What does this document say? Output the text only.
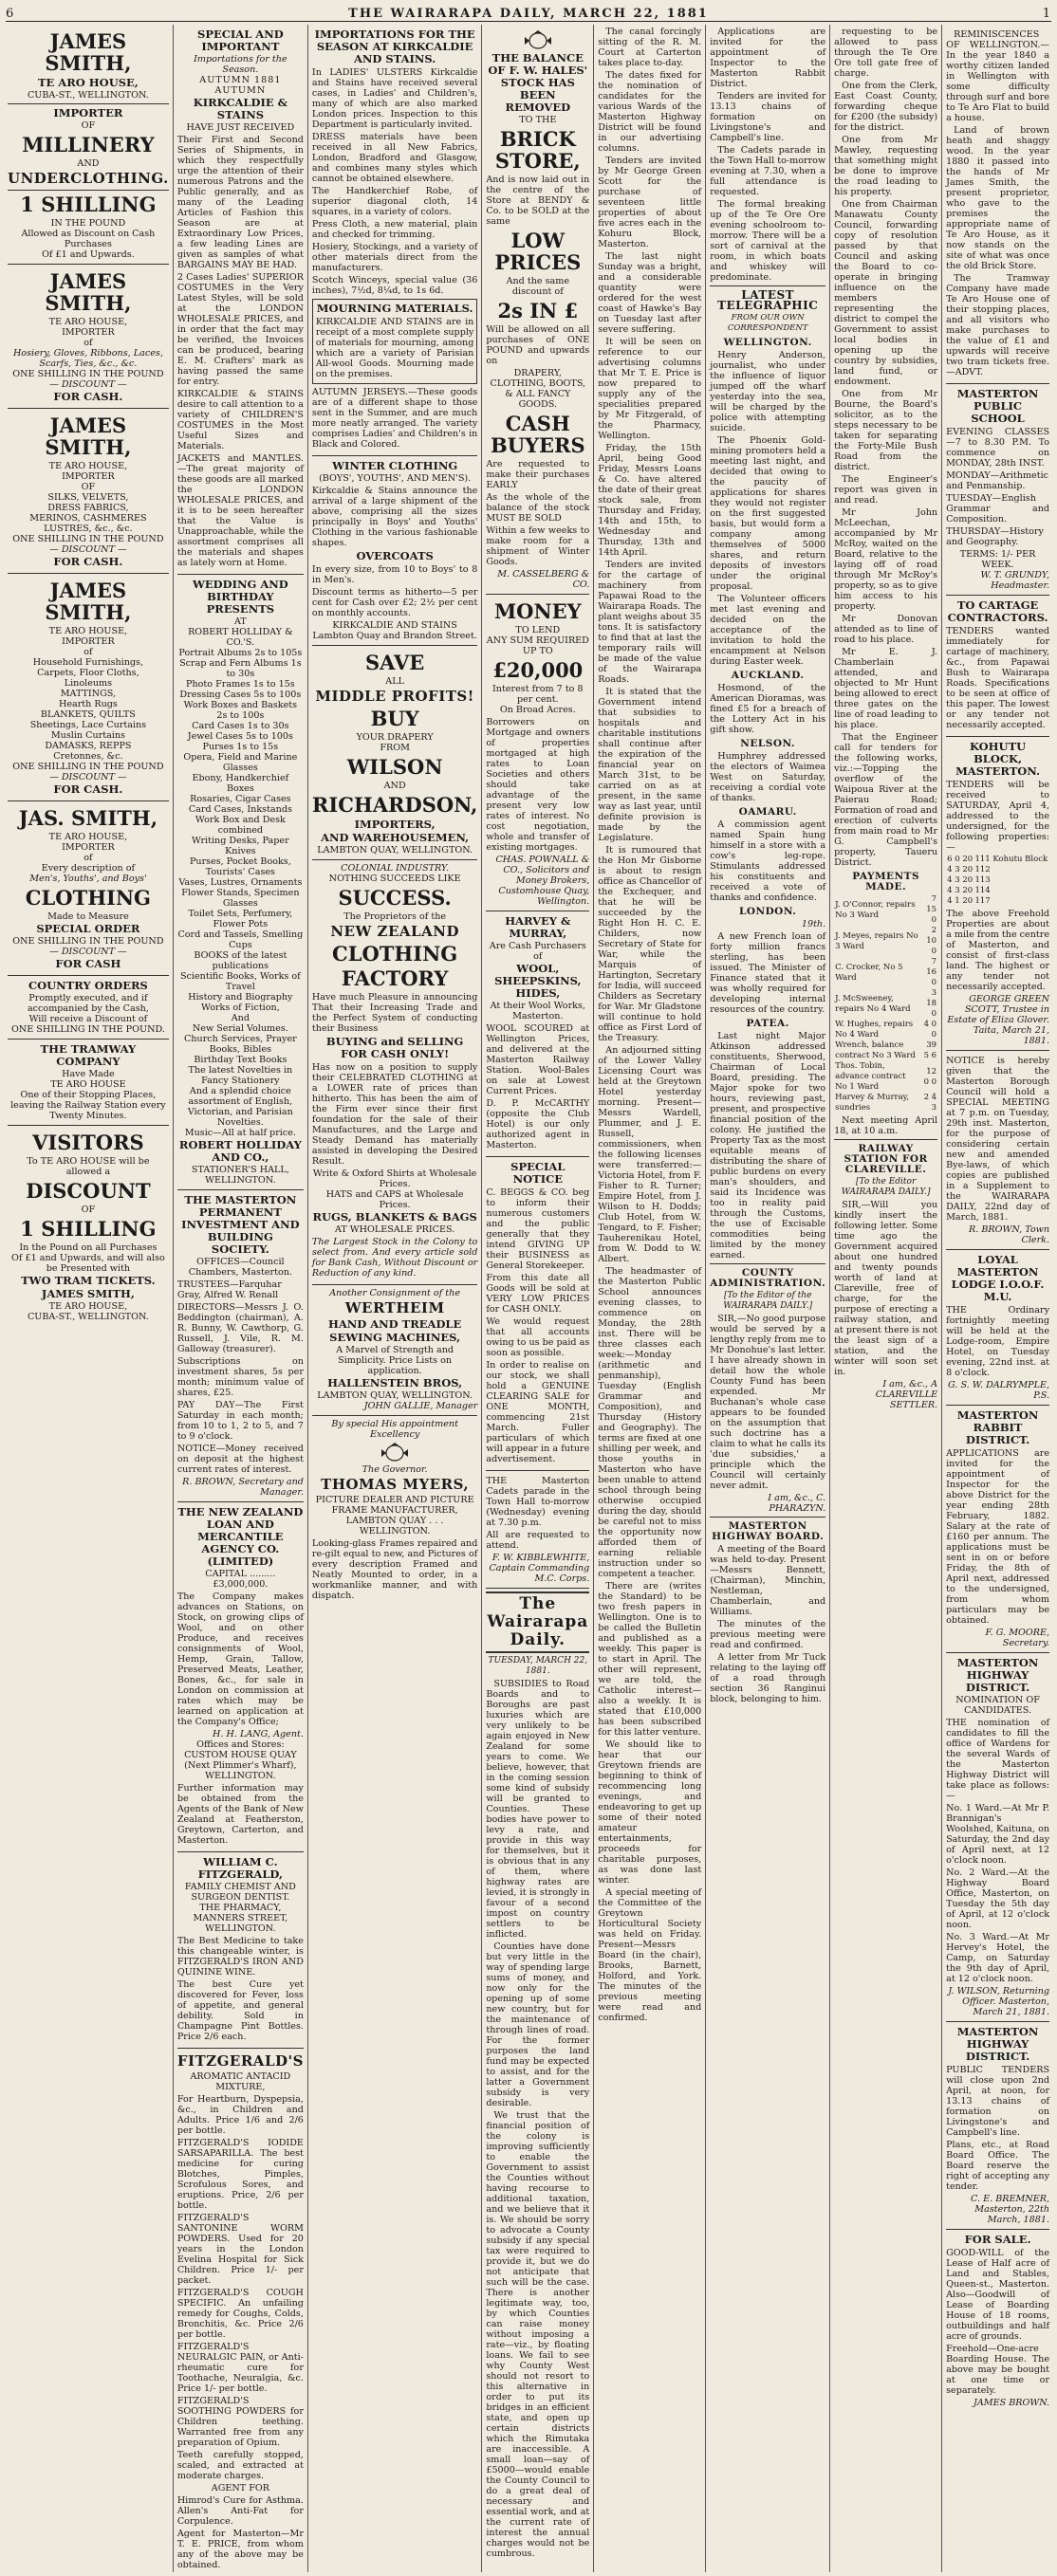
6	THE WAIRARAPA DAILY, MARCH 22, 1881	1
JAMES SMITH,
TE ARO HOUSE,
CUBA-ST., WELLINGTON.
IMPORTER
OF
MILLINERY
AND
UNDERCLOTHING.
1 SHILLING
IN THE POUND
Allowed as Discount on Cash Purchases
Of £1 and Upwards.
JAMES SMITH,
TE ARO HOUSE,
IMPORTER
of
Hosiery, Gloves, Ribbons, Laces, Scarfs, Ties, &c., &c.
ONE SHILLING IN THE POUND
— DISCOUNT —
FOR CASH.
JAMES SMITH,
TE ARO HOUSE,
IMPORTER
OF
SILKS, VELVETS,
DRESS FABRICS,
MERINOS, CASHMERES
LUSTRES, &c., &c.
ONE SHILLING IN THE POUND
— DISCOUNT —
FOR CASH.
JAMES SMITH,
TE ARO HOUSE,
IMPORTER
of
Household Furnishings,
Carpets, Floor Cloths,
Linoleums
MATTINGS,
Hearth Rugs
BLANKETS, QUILTS
Sheetings, Lace Curtains
Muslin Curtains
DAMASKS, REPPS
Cretonnes, &c.
ONE SHILLING IN THE POUND
— DISCOUNT —
FOR CASH.
JAS. SMITH,
TE ARO HOUSE,
IMPORTER
of
Every description of
Men's, Youths', and Boys'
CLOTHING
Made to Measure
SPECIAL ORDER
ONE SHILLING IN THE POUND
— DISCOUNT —
FOR CASH
COUNTRY ORDERS
Promptly executed, and if accompanied by the Cash,
Will receive a Discount of
ONE SHILLING IN THE POUND.
THE TRAMWAY COMPANY
Have Made
TE ARO HOUSE
One of their Stopping Places, leaving the Railway Station every
Twenty Minutes.
VISITORS
To TE ARO HOUSE will be allowed a
DISCOUNT
OF
1 SHILLING
In the Pound on all Purchases
Of £1 and Upwards, and will also be Presented with
TWO TRAM TICKETS.
JAMES SMITH,
TE ARO HOUSE,
CUBA-ST., WELLINGTON.
SPECIAL AND IMPORTANT
Importations for the Season.
AUTUMN 1881 AUTUMN
KIRKCALDIE & STAINS
HAVE JUST RECEIVED

Their First and Second Series of Shipments, in which they respectfully urge the attention of their numerous Patrons and the Public generally, and as many of the Leading Articles of Fashion this Season are at Extraordinary Low Prices, a few leading Lines are given as samples of what BARGAINS MAY BE HAD.

2 Cases Ladies' SUPERIOR COSTUMES in the Very Latest Styles, will be sold at the LONDON WHOLESALE PRICES, and in order that the fact may be verified, the Invoices can be produced, bearing E. M. Crafters' mark as having passed the same for entry.

KIRKCALDIE & STAINS desire to call attention to a variety of CHILDREN'S COSTUMES in the Most Useful Sizes and Materials.

JACKETS and MANTLES.—The great majority of these goods are all marked the LONDON WHOLESALE PRICES, and it is to be seen hereafter that the Value is Unapproachable, while the assortment comprises all the materials and shapes as lately worn at Home.

WEDDING AND BIRTHDAY PRESENTS
AT
ROBERT HOLLIDAY & CO.'S.
Portrait Albums 2s to 105s
Scrap and Fern Albums 1s to 30s
Photo Frames 1s to 15s
Dressing Cases 5s to 100s
Work Boxes and Baskets 2s to 100s
Card Cases 1s to 30s
Jewel Cases 5s to 100s
Purses 1s to 15s
Opera, Field and Marine Glasses
Ebony, Handkerchief Boxes
Rosaries, Cigar Cases
Card Cases, Inkstands
Work Box and Desk combined
Writing Desks, Paper Knives
Purses, Pocket Books, Tourists' Cases
Vases, Lustres, Ornaments
Flower Stands, Specimen Glasses
Toilet Sets, Perfumery, Flower Pots
Cord and Tassels, Smelling Cups
BOOKS of the latest publications
Scientific Books, Works of Travel
History and Biography
Works of Fiction,
And
New Serial Volumes.
Church Services, Prayer Books, Bibles
Birthday Text Books
The latest Novelties in Fancy Stationery
And a splendid choice assortment of English, Victorian, and Parisian Novelties.
Music—All at half price.
ROBERT HOLLIDAY AND CO.,
STATIONER'S HALL, WELLINGTON.
THE MASTERTON PERMANENT INVESTMENT AND BUILDING SOCIETY.
OFFICES—Council Chambers, Masterton.

TRUSTEES—Farquhar Gray, Alfred W. Renall

DIRECTORS—Messrs J. O. Beddington (chairman), A. R. Bunny, W. Cawthorp, G. Russell, J. Vile, R. M. Galloway (treasurer).

Subscriptions on investment shares, 5s per month; minimum value of shares, £25.

PAY DAY—The First Saturday in each month; from 10 to 1, 2 to 5, and 7 to 9 o'clock.

NOTICE—Money received on deposit at the highest current rates of interest.

R. BROWN, Secretary and Manager.
THE NEW ZEALAND LOAN AND MERCANTILE AGENCY CO. (LIMITED)
CAPITAL ......... £3,000,000.

The Company makes advances on Stations, on Stock, on growing clips of Wool, and on other Produce, and receives consignments of Wool, Hemp, Grain, Tallow, Preserved Meats, Leather, Bones, &c., for sale in London on commission at rates which may be learned on application at the Company's Office;

H. H. LANG, Agent.
Offices and Stores:
CUSTOM HOUSE QUAY (Next Plimmer's Wharf), WELLINGTON.

Further information may be obtained from the Agents of the Bank of New Zealand at Featherston, Greytown, Carterton, and Masterton.

WILLIAM C. FITZGERALD,
FAMILY CHEMIST AND SURGEON DENTIST.
THE PHARMACY,
MANNERS STREET, WELLINGTON.

The Best Medicine to take this changeable winter, is FITZGERALD'S IRON AND QUININE WINE.

The best Cure yet discovered for Fever, loss of appetite, and general debility. Sold in Champagne Pint Bottles. Price 2/6 each.

FITZGERALD'S
AROMATIC ANTACID MIXTURE,

For Heartburn, Dyspepsia, &c., in Children and Adults. Price 1/6 and 2/6 per bottle.

FITZGERALD'S IODIDE SARSAPARILLA. The best medicine for curing Blotches, Pimples, Scrofulous Sores, and eruptions. Price, 2/6 per bottle.

FITZGERALD'S SANTONINE WORM POWDERS. Used for 20 years in the London Evelina Hospital for Sick Children. Price 1/- per packet.

FITZGERALD'S COUGH SPECIFIC. An unfailing remedy for Coughs, Colds, Bronchitis, &c. Price 2/6 per bottle.

FITZGERALD'S NEURALGIC PAIN, or Anti-rheumatic cure for Toothache, Neuralgia, &c. Price 1/- per bottle.

FITZGERALD'S SOOTHING POWDERS for Children teething. Warranted free from any preparation of Opium.

Teeth carefully stopped, scaled, and extracted at moderate charges.

AGENT FOR

Himrod's Cure for Asthma. Allen's Anti-Fat for Corpulence.

Agent for Masterton—Mr T. E. PRICE, from whom any of the above may be obtained.

IMPORTATIONS FOR THE SEASON AT KIRKCALDIE AND STAINS.

In LADIES' ULSTERS Kirkcaldie and Stains have received several cases, in Ladies' and Children's, many of which are also marked London prices. Inspection to this Department is particularly invited.

DRESS materials have been received in all New Fabrics, London, Bradford and Glasgow, and combines many styles which cannot be obtained elsewhere.

The Handkerchief Robe, of superior diagonal cloth, 14 squares, in a variety of colors.

Press Cloth, a new material, plain and checked for trimming.

Hosiery, Stockings, and a variety of other materials direct from the manufacturers.

Scotch Winceys, special value (36 inches), 7½d, 8¼d, to 1s 6d.

MOURNING MATERIALS.

KIRKCALDIE AND STAINS are in receipt of a most complete supply of materials for mourning, among which are a variety of Parisian All-wool Goods. Mourning made on the premises.

AUTUMN JERSEYS.—These goods are of a different shape to those sent in the Summer, and are much more neatly arranged. The variety comprises Ladies' and Children's in Black and Colored.

WINTER CLOTHING
(BOYS', YOUTHS', AND MEN'S).

Kirkcaldie & Stains announce the arrival of a large shipment of the above, comprising all the sizes principally in Boys' and Youths' Clothing in the various fashionable shapes.

OVERCOATS

In every size, from 10 to Boys' to 8 in Men's.

Discount terms as hitherto—5 per cent for Cash over £2; 2½ per cent on monthly accounts.

KIRKCALDIE AND STAINS
Lambton Quay and Brandon Street.
SAVE
ALL
MIDDLE PROFITS!
BUY
YOUR DRAPERY
FROM
WILSON
AND
RICHARDSON,
IMPORTERS,
AND WAREHOUSEMEN,
LAMBTON QUAY, WELLINGTON.
COLONIAL INDUSTRY.
NOTHING SUCCEEDS LIKE
SUCCESS.
The Proprietors of the
NEW ZEALAND
CLOTHING
FACTORY

Have much Pleasure in announcing That their Increasing Trade and the Perfect System of conducting their Business

BUYING and SELLING FOR CASH ONLY!

Has now on a position to supply their CELEBRATED CLOTHING at a LOWER rate of prices than hitherto. This has been the aim of the Firm ever since their first foundation for the sale of their Manufactures, and the Large and Steady Demand has materially assisted in developing the Desired Result.

Write & Oxford Shirts at Wholesale Prices.
HATS and CAPS at Wholesale Prices.
RUGS, BLANKETS & BAGS
AT WHOLESALE PRICES.

The Largest Stock in the Colony to select from. And every article sold for Bank Cash, Without Discount or Reduction of any kind.

Another Consignment of the
WERTHEIM
HAND AND TREADLE
SEWING MACHINES,
A Marvel of Strength and Simplicity. Price Lists on application.
HALLENSTEIN BROS,
LAMBTON QUAY, WELLINGTON.
JOHN GALLIE, Manager
By special His appointment Excellency
The Governor.
THOMAS MYERS,
PICTURE DEALER AND PICTURE FRAME MANUFACTURER,
LAMBTON QUAY . . . WELLINGTON.

Looking-glass Frames repaired and re-gilt equal to new, and Pictures of every description Framed and Neatly Mounted to order, in a workmanlike manner, and with dispatch.

THE BALANCE OF F. W. HALES' STOCK HAS BEEN REMOVED
TO THE
BRICK STORE,

And is now laid out in the centre of the Store at BENDY & Co. to be SOLD at the same

LOW PRICES
And the same discount of
2s IN £

Will be allowed on all purchases of ONE POUND and upwards on

DRAPERY, CLOTHING, BOOTS, & ALL FANCY GOODS.
CASH BUYERS

Are requested to make their purchases EARLY

As the whole of the balance of the stock MUST BE SOLD

Within a few weeks to make room for a shipment of Winter Goods.

M. CASSELBERG & CO.
MONEY
TO LEND
ANY SUM REQUIRED UP TO
£20,000
Interest from 7 to 8 per cent.
On Broad Acres.

Borrowers on Mortgage and owners of properties mortgaged at high rates to Loan Societies and others should take advantage of the present very low rates of interest. No cost negotiation, whole and transfer of existing mortgages.

CHAS. POWNALL & CO., Solicitors and Money Brokers, Customhouse Quay, Wellington.
HARVEY & MURRAY,
Are Cash Purchasers of
WOOL, SHEEPSKINS, HIDES,
At their Wool Works, Masterton.

WOOL SCOURED at Wellington Prices, and delivered at the Masterton Railway Station. Wool-Bales on sale at Lowest Current Prices.

D. P. McCARTHY (opposite the Club Hotel) is our only authorized agent in Masterton.

SPECIAL NOTICE

C. BEGGS & CO. beg to inform their numerous customers and the public generally that they intend GIVING UP their BUSINESS as General Storekeeper.

From this date all Goods will be sold at VERY LOW PRICES for CASH ONLY.

We would request that all accounts owing to us be paid as soon as possible.

In order to realise on our stock, we shall hold a GENUINE CLEARING SALE for ONE MONTH, commencing 21st March. Fuller particulars of which will appear in a future advertisement.

THE Masterton Cadets parade in the Town Hall to-morrow (Wednesday) evening at 7.30 p.m.

All are requested to attend.

F. W. KIBBLEWHITE, Captain Commanding M.C. Corps.
The Wairarapa Daily.
TUESDAY, MARCH 22, 1881.

SUBSIDIES to Road Boards and to Boroughs are past luxuries which are very unlikely to be again enjoyed in New Zealand for some years to come. We believe, however, that in the coming session some kind of subsidy will be granted to Counties. These bodies have power to levy a rate, and provide in this way for themselves, but it is obvious that in any of them, where highway rates are levied, it is strongly in favour of a second impost on country settlers to be inflicted.

Counties have done but very little in the way of spending large sums of money, and now only for the opening up of some new country, but for the maintenance of through lines of road. For the former purposes the land fund may be expected to assist, and for the latter a Government subsidy is very desirable.

We trust that the financial position of the colony is improving sufficiently to enable the Government to assist the Counties without having recourse to additional taxation, and we believe that it is. We should be sorry to advocate a County subsidy if any special tax were required to provide it, but we do not anticipate that such will be the case. There is another legitimate way, too, by which Counties can raise money without imposing a rate—viz., by floating loans. We fail to see why County West should not resort to this alternative in order to put its bridges in an efficient state, and open up certain districts which the Rimutaka are inaccessible. A small loan—say of £5000—would enable the County Council to do a great deal of necessary and essential work, and at the current rate of interest the annual charges would not be cumbrous.

The canal forcingly sitting of the R. M. Court at Carterton takes place to-day.

The dates fixed for the nomination of candidates for the various Wards of the Masterton Highway District will be found in our advertising columns.

Tenders are invited by Mr George Green Scott for the purchase of seventeen little properties of about five acres each in the Kohuru Block, Masterton.

The last night Sunday was a bright, and a considerable quantity were ordered for the west coast of Hawke's Bay on Tuesday last after severe suffering.

It will be seen on reference to our advertising columns that Mr T. E. Price is now prepared to supply any of the specialities prepared by Mr Fitzgerald, of the Pharmacy, Wellington.

Friday, the 15th April, being Good Friday, Messrs Loans & Co. have altered the date of their great stock sale, from Thursday and Friday, 14th and 15th, to Wednesday and Thursday, 13th and 14th April.

Tenders are invited for the cartage of machinery from Papawai Road to the Wairarapa Roads. The plant weighs about 35 tons. It is satisfactory to find that at last the temporary rails will be made of the value of the Wairarapa Roads.

It is stated that the Government intend that subsidies to hospitals and charitable institutions shall continue after the expiration of the financial year on March 31st, to be carried on as at present, in the same way as last year, until definite provision is made by the Legislature.

It is rumoured that the Hon Mr Gisborne is about to resign office as Chancellor of the Exchequer, and that he will be succeeded by the Right Hon H. C. E. Childers, now Secretary of State for War, while the Marquis of Hartington, Secretary for India, will succeed Childers as Secretary for War. Mr Gladstone will continue to hold office as First Lord of the Treasury.

An adjourned sitting of the Lower Valley Licensing Court was held at the Greytown Hotel yesterday morning. Present—Messrs Wardell, Plummer, and J. E. Russell, commissioners, when the following licenses were transferred:—Victoria Hotel, from F. Fisher to R. Turner; Empire Hotel, from J. Wilson to H. Dodds; Club Hotel, from W. Tengard, to F. Fisher; Tauherenikau Hotel, from W. Dodd to W. Albert.

The headmaster of the Masterton Public School announces evening classes, to commence on Monday, the 28th inst. There will be three classes each week:—Monday (arithmetic and penmanship), Tuesday (English Grammar and Composition), and Thursday (History and Geography). The terms are fixed at one shilling per week, and those youths in Masterton who have been unable to attend school through being otherwise occupied during the day, should be careful not to miss the opportunity now afforded them of earning reliable instruction under so competent a teacher.

There are (writes the Standard) to be two fresh papers in Wellington. One is to be called the Bulletin and published as a weekly. This paper is to start in April. The other will represent, we are told, the Catholic interest—also a weekly. It is stated that £10,000 has been subscribed for this latter venture.

We should like to hear that our Greytown friends are beginning to think of recommencing long evenings, and endeavoring to get up some of their noted amateur entertainments, proceeds for charitable purposes, as was done last winter.

A special meeting of the Committee of the Greytown Horticultural Society was held on Friday. Present—Messrs Board (in the chair), Brooks, Barnett, Holford, and York. The minutes of the previous meeting were read and confirmed.

Applications are invited for the appointment of Inspector to the Masterton Rabbit District.

Tenders are invited for 13.13 chains of formation on Livingstone's and Campbell's line.

The Cadets parade in the Town Hall to-morrow evening at 7.30, when a full attendance is requested.

The formal breaking up of the Te Ore Ore evening schoolroom to-morrow. There will be a sort of carnival at the room, in which boats and whiskey will predominate.

LATEST TELEGRAPHIC
FROM OUR OWN CORRESPONDENT
WELLINGTON.

Henry Anderson, journalist, who under the influence of liquor jumped off the wharf yesterday into the sea, will be charged by the police with attempting suicide.

The Phoenix Gold-mining promoters held a meeting last night, and decided that owing to the paucity of applications for shares they would not register on the first suggested basis, but would form a company among themselves of 5000 shares, and return deposits of investors under the original proposal.

The Volunteer officers met last evening and decided on the acceptance of the invitation to hold the encampment at Nelson during Easter week.

AUCKLAND.

Hosmond, of the American Dioramas, was fined £5 for a breach of the Lottery Act in his gift show.

NELSON.

Humphrey addressed the electors of Waimea West on Saturday, receiving a cordial vote of thanks.

OAMARU.

A commission agent named Spain hung himself in a store with a cow's leg-rope. Stimulants addressed his constituents and received a vote of thanks and confidence.

LONDON.
19th.

A new French loan of forty million francs sterling, has been issued. The Minister of Finance stated that it was wholly required for developing internal resources of the country.

PATEA.

Last night Major Atkinson addressed constituents, Sherwood, Chairman of Local Board, presiding. The Major spoke for two hours, reviewing past, present, and prospective financial position of the colony. He justified the Property Tax as the most equitable means of distributing the share of public burdens on every man's shoulders, and said its Incidence was too in reality paid through the Customs, the use of Excisable commodities being limited by the money earned.

COUNTY ADMINISTRATION.
[To the Editor of the WAIRARAPA DAILY.]

SIR,—No good purpose would be served by a lengthy reply from me to Mr Donohue's last letter. I have already shown in detail how the whole County Fund has been expended. Mr Buchanan's whole case appears to be founded on the assumption that such doctrine has a claim to what he calls its 'due subsidies,' a principle which the Council will certainly never admit.

I am, &c., C. PHARAZYN.
MASTERTON HIGHWAY BOARD.

A meeting of the Board was held to-day. Present—Messrs Bennett, (Chairman), Minchin, Nestleman, Chamberlain, and Williams.

The minutes of the previous meeting were read and confirmed.

A letter from Mr Tuck relating to the laying off of a road through section 36 Ranginui block, belonging to him.

requesting to be allowed to pass through the Te Ore Ore toll gate free of charge.

One from the Clerk, East Coast County, forwarding cheque for £200 (the subsidy) for the district.

One from Mr Mawley, requesting that something might be done to improve the road leading to his property.

One from Chairman Manawatu County Council, forwarding copy of resolution passed by that Council and asking the Board to co-operate in bringing influence on the members representing the district to compel the Government to assist local bodies in opening up the country by subsidies, land fund, or endowment.

One from Mr Bourne, the Board's solicitor, as to the steps necessary to be taken for separating the Forty-Mile Bush Road from the district.

The Engineer's report was given in and read.

Mr John McLeechan, accompanied by Mr McRoy, waited on the Board, relative to the laying off of road through Mr McRoy's property, so as to give him access to his property.

Mr Donovan attended as to line of road to his place.

Mr E. J. Chamberlain attended, and objected to Mr Hunt being allowed to erect three gates on the line of road leading to his place.

That the Engineer call for tenders for the following works, viz.:—Topping the overflow of the Waipoua River at the Paierau Road; Formation of road and erection of culverts from main road to Mr G. Campbell's property, Taueru District.

PAYMENTS MADE.
J. O'Connor, repairs No 3 Ward	7 15 0
J. Meyes, repairs No 3 Ward	2 10 0
C. Crocker, No 5 Ward	7 16 0
J. McSweeney, repairs No 4 Ward	3 18 0
W. Hughes, repairs No 4 Ward	4 0 0
Wrench, balance contract No 3 Ward	39 5 6
Thos. Tobin, advance contract No 1 Ward	12 0 0
Harvey & Murray, sundries	2 4 3

Next meeting April 18, at 10 a.m.

RAILWAY STATION FOR CLAREVILLE.
[To the Editor WAIRARAPA DAILY.]

SIR,—Will you kindly insert the following letter. Some time ago the Government acquired about one hundred and twenty pounds worth of land at Clareville, free of charge, for the purpose of erecting a railway station, and at present there is not the least sign of a station, and the winter will soon set in.

I am, &c., A CLAREVILLE SETTLER.

REMINISCENCES OF WELLINGTON.—In the year 1840 a worthy citizen landed in Wellington with some difficulty through surf and bore to Te Aro Flat to build a house.

Land of brown heath and shaggy wood. In the year 1880 it passed into the hands of Mr James Smith, the present proprietor, who gave to the premises the appropriate name of Te Aro House, as it now stands on the site of what was once the old Brick Store.

The Tramway Company have made Te Aro House one of their stopping places, and all visitors who make purchases to the value of £1 and upwards will receive two tram tickets free.—ADVT.

MASTERTON PUBLIC SCHOOL

EVENING CLASSES—7 to 8.30 P.M. To commence on MONDAY, 28th INST.

MONDAY—Arithmetic and Penmanship.

TUESDAY—English Grammar and Composition.

THURSDAY—History and Geography.

TERMS: 1/- PER WEEK.
W. T. GRUNDY, Headmaster.
TO CARTAGE CONTRACTORS.

TENDERS wanted immediately for cartage of machinery, &c., from Papawai Bush to Wairarapa Roads. Specifications to be seen at office of this paper. The lowest or any tender not necessarily accepted.

KOHUTU BLOCK, MASTERTON.

TENDERS will be received to SATURDAY, April 4, addressed to the undersigned, for the following properties:—

6 0 20	111 Kohutu Block
4 3 20	112
4 3 20	113
4 3 20	114
4 1 20	117

The above Freehold Properties are about a mile from the centre of Masterton, and consist of first-class land. The highest or any tender not necessarily accepted.

GEORGE GREEN SCOTT, Trustee in Estate of Eliza Glover. Taita, March 21, 1881.

NOTICE is hereby given that the Masterton Borough Council will hold a SPECIAL MEETING at 7 p.m. on Tuesday, 29th inst. Masterton, for the purpose of considering certain new and amended Bye-laws, of which copies are published in a Supplement to the WAIRARAPA DAILY, 22nd day of March, 1881.

R. BROWN, Town Clerk.
LOYAL MASTERTON LODGE I.O.O.F. M.U.

THE Ordinary fortnightly meeting will be held at the Lodge-room, Empire Hotel, on Tuesday evening, 22nd inst. at 8 o'clock.

G. S. W. DALRYMPLE, P.S.
MASTERTON RABBIT DISTRICT.

APPLICATIONS are invited for the appointment of Inspector for the above District for the year ending 28th February, 1882. Salary at the rate of £160 per annum. The applications must be sent in on or before Friday, the 8th of April next, addressed to the undersigned, from whom particulars may be obtained.

F. G. MOORE, Secretary.
MASTERTON HIGHWAY DISTRICT.
NOMINATION OF CANDIDATES.

THE nomination of candidates to fill the office of Wardens for the several Wards of the Masterton Highway District will take place as follows:—

No. 1 Ward.—At Mr P. Brannigan's Woolshed, Kaituna, on Saturday, the 2nd day of April next, at 12 o'clock noon.

No. 2 Ward.—At the Highway Board Office, Masterton, on Tuesday the 5th day of April, at 12 o'clock noon.

No. 3 Ward.—At Mr Hervey's Hotel, the Camp, on Saturday the 9th day of April, at 12 o'clock noon.

J. WILSON, Returning Officer. Masterton, March 21, 1881.
MASTERTON HIGHWAY DISTRICT.

PUBLIC TENDERS will close upon 2nd April, at noon, for 13.13 chains of formation on Livingstone's and Campbell's line.

Plans, etc., at Road Board Office. The Board reserve the right of accepting any tender.

C. E. BREMNER, Masterton, 22th March, 1881.
FOR SALE.

GOOD-WILL of the Lease of Half acre of Land and Stables, Queen-st., Masterton. Also—Goodwill of Lease of Boarding House of 18 rooms, outbuildings and half acre of grounds.

Freehold—One-acre Boarding House. The above may be bought at one time or separately.

JAMES BROWN.
